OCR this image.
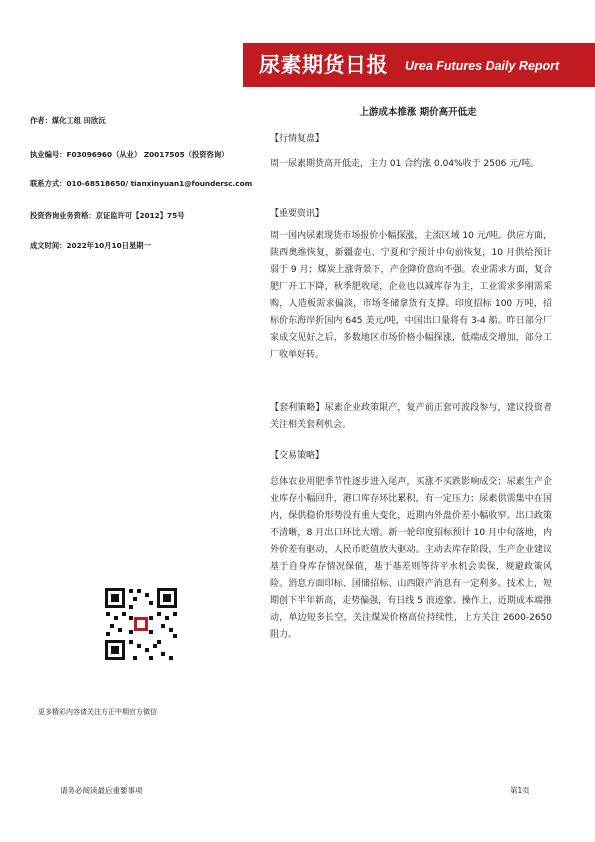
尿素期货日报 Urea Futures Daily Report
作者：煤化工组 田欣沅
执业编号：F03096960（从业） Z0017505（投资咨询）
联系方式：010-68518650/ tianxinyuan1@foundersc.com
投资咨询业务资格：京证监许可【2012】75号
成文时间：2022年10月10日星期一
上游成本推涨 期价高开低走
【行情复盘】
周一尿素期货高开低走，主力 01 合约涨 0.04%收于 2506 元/吨。
【重要资讯】
周一国内尿素现货市场报价小幅探涨，主流区域 10 元/吨。供应方面，陕西奥维恢复，新疆壶屯、宁夏和宁预计中旬前恢复，10 月供给预计弱于 9 月；煤炭上涨背景下，产企降价意向不强。农业需求方面，复合肥厂开工下降，秋季肥收尾，企业也以减库存为主，工业需求多刚需采购，人造板需求偏淡，市场冬储拿货有支撑。印度招标 100 万吨，招标价东海岸折国内 645 美元/吨，中国出口量将有 3-4 船。昨日部分厂家成交见好之后，多数地区市场价格小幅探涨，低端成交增加，部分工厂收单好转。
【套利策略】尿素企业政策限产，复产前正套可波段参与，建议投资者关注相关套利机会。
【交易策略】
总体农业用肥季节性逐步进入尾声，买涨不买跌影响成交；尿素生产企业库存小幅回升，港口库存环比累积，有一定压力；尿素供需集中在国内，保供稳价形势没有重大变化，近期内外盘价差小幅收窄。出口政策不清晰，8 月出口环比大增。新一轮印度招标预计 10 月中旬落地，内外价差有驱动，人民币贬值放大驱动。主动去库存阶段，生产企业建议基于自身库存情况保值，基于基差则等待平水机会卖保，规避政策风险。消息方面印标、国储招标、山西限产消息有一定利多。技术上，短期创下半年新高，走势偏强，有日线 5 浪迹象。操作上，近期成本端推动，单边短多长空，关注煤炭价格高位持续性，上方关注 2600-2650 阻力。
更多精彩内容请关注方正中期官方微信
请务必阅读最后重要事项	第1页
